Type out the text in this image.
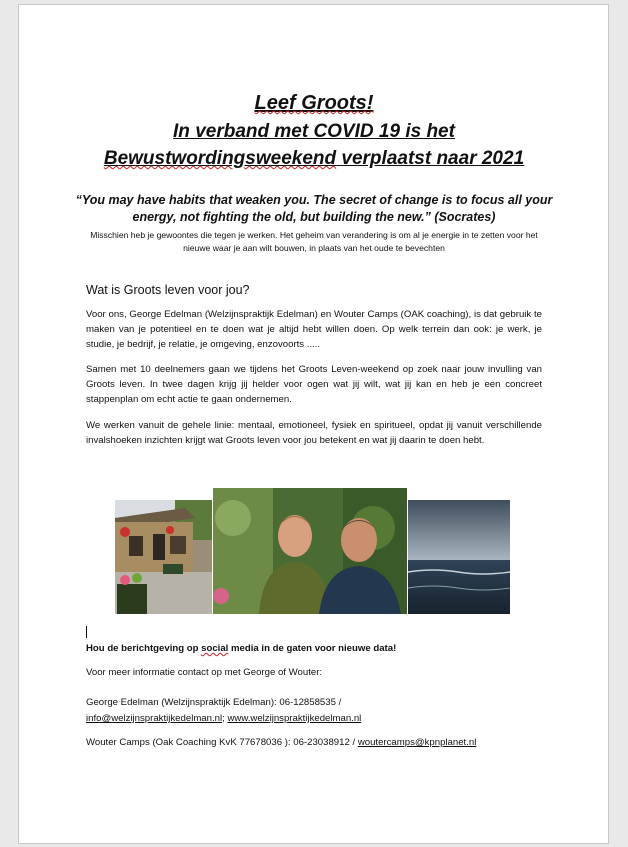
Leef Groots!
In verband met COVID 19 is het
Bewustwordingsweekend verplaatst naar 2021
“You may have habits that weaken you. The secret of change is to focus all your energy, not fighting the old, but building the new.” (Socrates)
Misschien heb je gewoontes die tegen je werken. Het geheim van verandering is om al je energie in te zetten voor het nieuwe waar je aan wilt bouwen, in plaats van het oude te bevechten
Wat is Groots leven voor jou?
Voor ons, George Edelman (Welzijnspraktijk Edelman) en Wouter Camps (OAK coaching), is dat gebruik te maken van je potentieel en te doen wat je altijd hebt willen doen. Op welk terrein dan ook: je werk, je studie, je bedrijf, je relatie, je omgeving, enzovoorts .....
Samen met 10 deelnemers gaan we tijdens het Groots Leven-weekend op zoek naar jouw invulling van Groots leven. In twee dagen krijg jij helder voor ogen wat jij wilt, wat jij kan en heb je een concreet stappenplan om echt actie te gaan ondernemen.
We werken vanuit de gehele linie: mentaal, emotioneel, fysiek en spiritueel, opdat jij vanuit verschillende invalshoeken inzichten krijgt wat Groots leven voor jou betekent en wat jij daarin te doen hebt.
Hou de berichtgeving op social media in de gaten voor nieuwe data!
Voor meer informatie contact op met George of Wouter:
George Edelman (Welzijnspraktijk Edelman): 06-12858535 /
info@welzijnspraktijkedelman.nl; www.welzijnspraktijkedelman.nl
Wouter Camps (Oak Coaching KvK 77678036 ): 06-23038912 / woutercamps@kpnplanet.nl
